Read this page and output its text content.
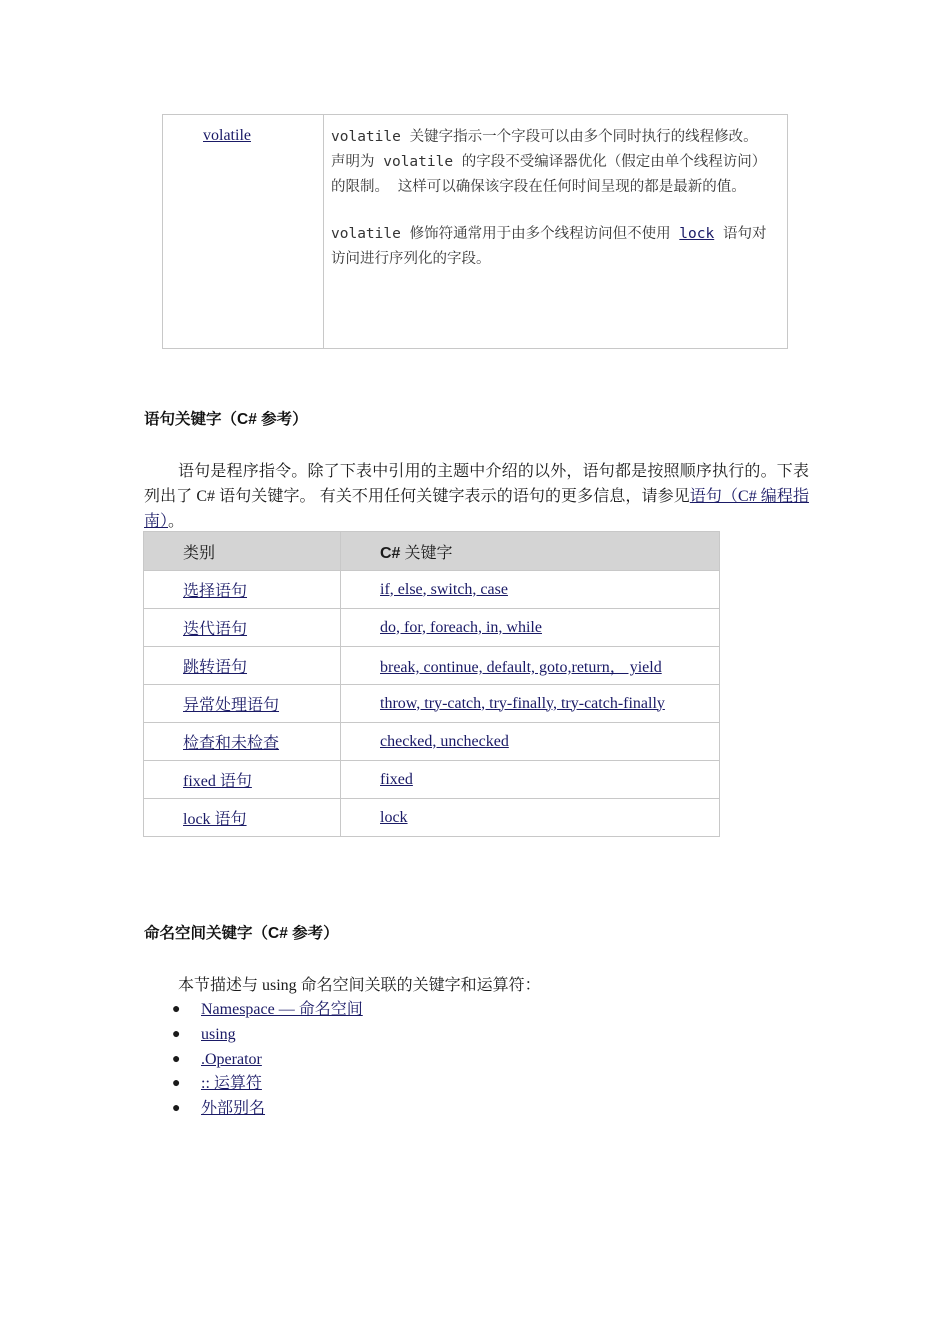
volatile	volatile 关键字指示一个字段可以由多个同时执行的线程修改。 声明为 volatile 的字段不受编译器优化（假定由单个线程访问）的限制。 这样可以确保该字段在任何时间呈现的都是最新的值。

volatile 修饰符通常用于由多个线程访问但不使用 lock 语句对访问进行序列化的字段。

语句关键字（C# 参考）
语句是程序指令。除了下表中引用的主题中介绍的以外，语句都是按照顺序执行的。下表列出了 C# 语句关键字。 有关不用任何关键字表示的语句的更多信息，请参见语句（C# 编程指南）。
类别	C# 关键字
选择语句	if, else, switch, case
迭代语句	do, for, foreach, in, while
跳转语句	break, continue, default, goto,return， yield
异常处理语句	throw, try-catch, try-finally, try-catch-finally
检查和未检查	checked, unchecked
fixed 语句	fixed
lock 语句	lock
命名空间关键字（C# 参考）
本节描述与 using 命名空间关联的关键字和运算符：
● Namespace — 命名空间
● using
● .Operator
● :: 运算符
● 外部别名
